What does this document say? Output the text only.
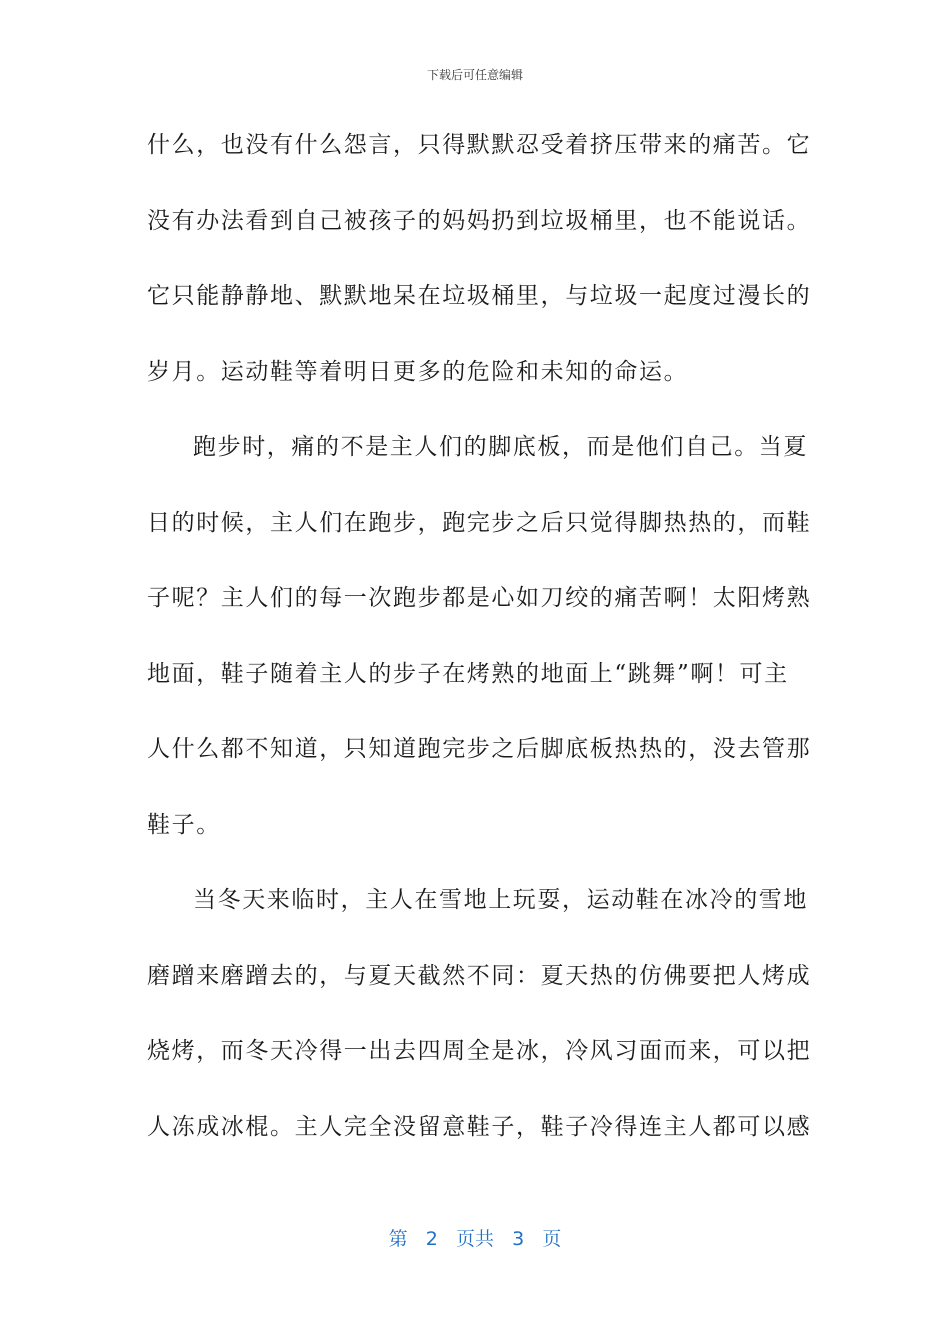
下载后可任意编辑
什么，也没有什么怨言，只得默默忍受着挤压带来的痛苦。它
没有办法看到自己被孩子的妈妈扔到垃圾桶里，也不能说话。
它只能静静地、默默地呆在垃圾桶里，与垃圾一起度过漫长的
岁月。运动鞋等着明日更多的危险和未知的命运。
跑步时，痛的不是主人们的脚底板，而是他们自己。当夏
日的时候，主人们在跑步，跑完步之后只觉得脚热热的，而鞋
子呢？主人们的每一次跑步都是心如刀绞的痛苦啊！太阳烤熟
地面，鞋子随着主人的步子在烤熟的地面上“跳舞”啊！可主
人什么都不知道，只知道跑完步之后脚底板热热的，没去管那
鞋子。
当冬天来临时，主人在雪地上玩耍，运动鞋在冰冷的雪地
磨蹭来磨蹭去的，与夏天截然不同：夏天热的仿佛要把人烤成
烧烤，而冬天冷得一出去四周全是冰，冷风习面而来，可以把
人冻成冰棍。主人完全没留意鞋子，鞋子冷得连主人都可以感
第 2 页共 3 页
